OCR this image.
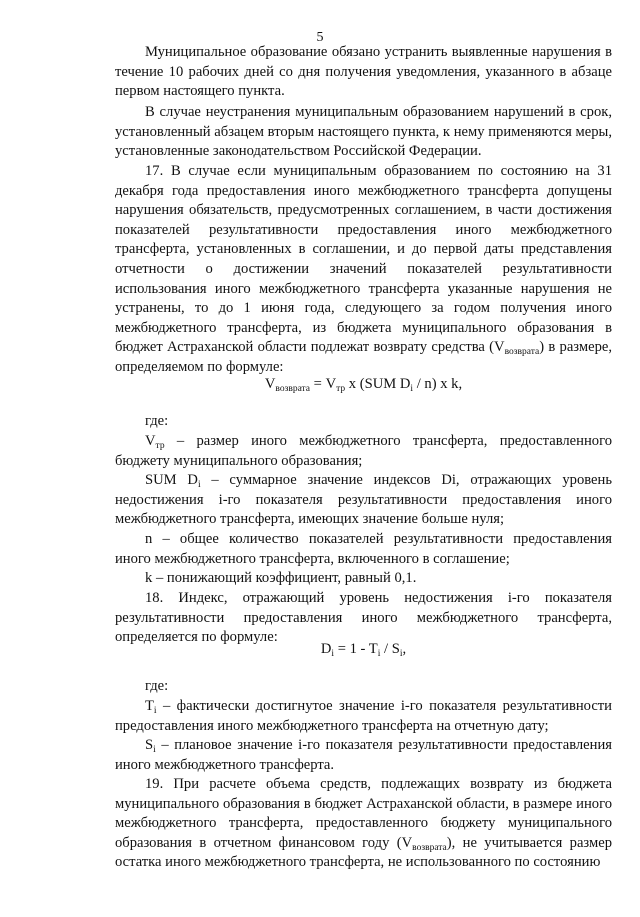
5

Муниципальное образование обязано устранить выявленные нарушения в течение 10 рабочих дней со дня получения уведомления, указанного в абзаце первом настоящего пункта.

В случае неустранения муниципальным образованием нарушений в срок, установленный абзацем вторым настоящего пункта, к нему применяются меры, установленные законодательством Российской Федерации.

17. В случае если муниципальным образованием по состоянию на 31 декабря года предоставления иного межбюджетного трансферта допущены нарушения обязательств, предусмотренных соглашением, в части достижения показателей результативности предоставления иного межбюджетного трансферта, установленных в соглашении, и до первой даты представления отчетности о достижении значений показателей результативности использования иного межбюджетного трансферта указанные нарушения не устранены, то до 1 июня года, следующего за годом получения иного межбюджетного трансферта, из бюджета муниципального образования в бюджет Астраханской области подлежат возврату средства $(V_{возврата})$ в размере, определяемом по формуле:

$V_{возврата} = V_{тр}$ x (SUM $D_i / n$) x k,

где:

$V_{тр}$ – размер иного межбюджетного трансферта, предоставленного бюджету муниципального образования;

SUM $D_i$ – суммарное значение индексов Di, отражающих уровень недостижения i-го показателя результативности предоставления иного межбюджетного трансферта, имеющих значение больше нуля;

n – общее количество показателей результативности предоставления иного межбюджетного трансферта, включенного в соглашение;

k – понижающий коэффициент, равный 0,1.

18. Индекс, отражающий уровень недостижения i-го показателя результативности предоставления иного межбюджетного трансферта, определяется по формуле:

$D_i = 1 - T_i / S_i$,

где:

$T_i$ – фактически достигнутое значение i-го показателя результативности предоставления иного межбюджетного трансферта на отчетную дату;

$S_i$ – плановое значение i-го показателя результативности предоставления иного межбюджетного трансферта.

19. При расчете объема средств, подлежащих возврату из бюджета муниципального образования в бюджет Астраханской области, в размере иного межбюджетного трансферта, предоставленного бюджету муниципального образования в отчетном финансовом году $(V_{возврата})$, не учитывается размер остатка иного межбюджетного трансферта, не использованного по состоянию
